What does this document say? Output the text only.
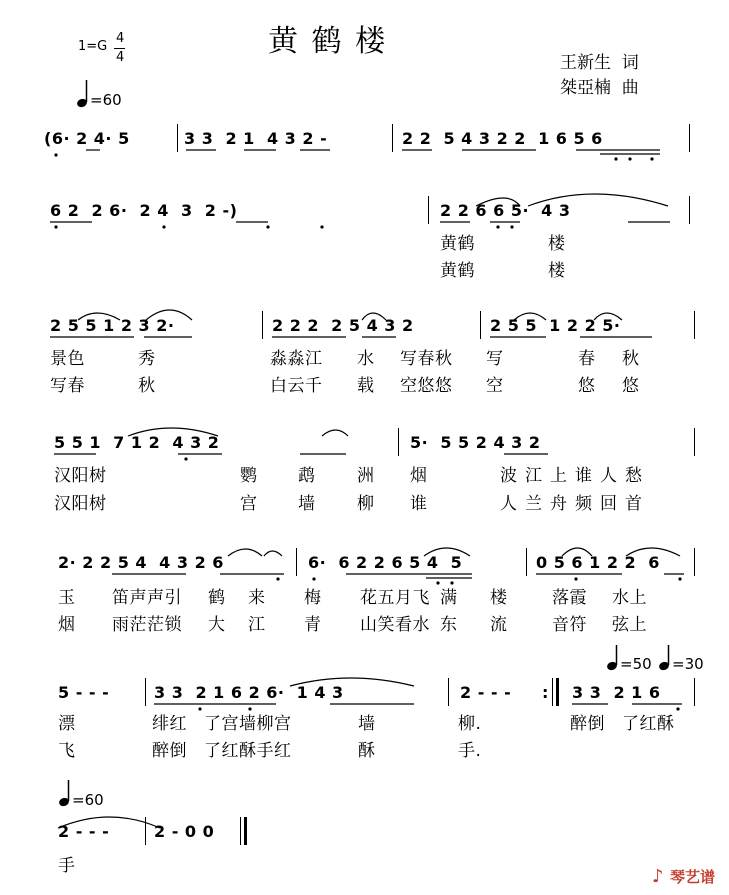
1=G
4
4	黄 鹤 楼
王新生  词
桀亞楠  曲
=60
=50 =30
=60
(6· 2 4· 5	3 3  2 1  4 3 2 -	2 2  5 4 3 2 2  1 6 5 6
6 2  2 6·  2 4  3  2 -)	2 2 6 6 5·  4 3
黄鹤	楼
黄鹤	楼
2 5 5 1 2 3 2·	2 2 2  2 5 4 3 2	2 5 5  1 2 2 5·
景色	秀	淼淼江 水 写春秋 写	春 秋
写春	秋	白云千 载 空悠悠 空	悠 悠
5 5 1  7 1 2  4 3 2	5·  5 5 2 4 3 2
汉阳树	鹦 鹉 洲 烟	波江上谁人愁
汉阳树	宫 墙 柳 谁	人兰舟频回首
2· 2 2 5 4  4 3 2 6	6·  6 2 2 6 5 4  5	0 5 6 1 2 2  6
玉 笛声声引 鹤 来 梅 花五月飞 满 楼	落霞 水上
烟 雨茫茫锁 大 江 青 山笑看水 东 流	音符 弦上
5 - - -	3 3  2 1 6 2 6·  1 4 3	2 - - - : 3 3  2 1 6
漂	绯红 了宫墙柳宫	墙	柳.	醉倒 了红酥
飞	醉倒 了红酥手红	酥	手.
2 - - -	2 - 0 0
手	♪ 琴艺谱
